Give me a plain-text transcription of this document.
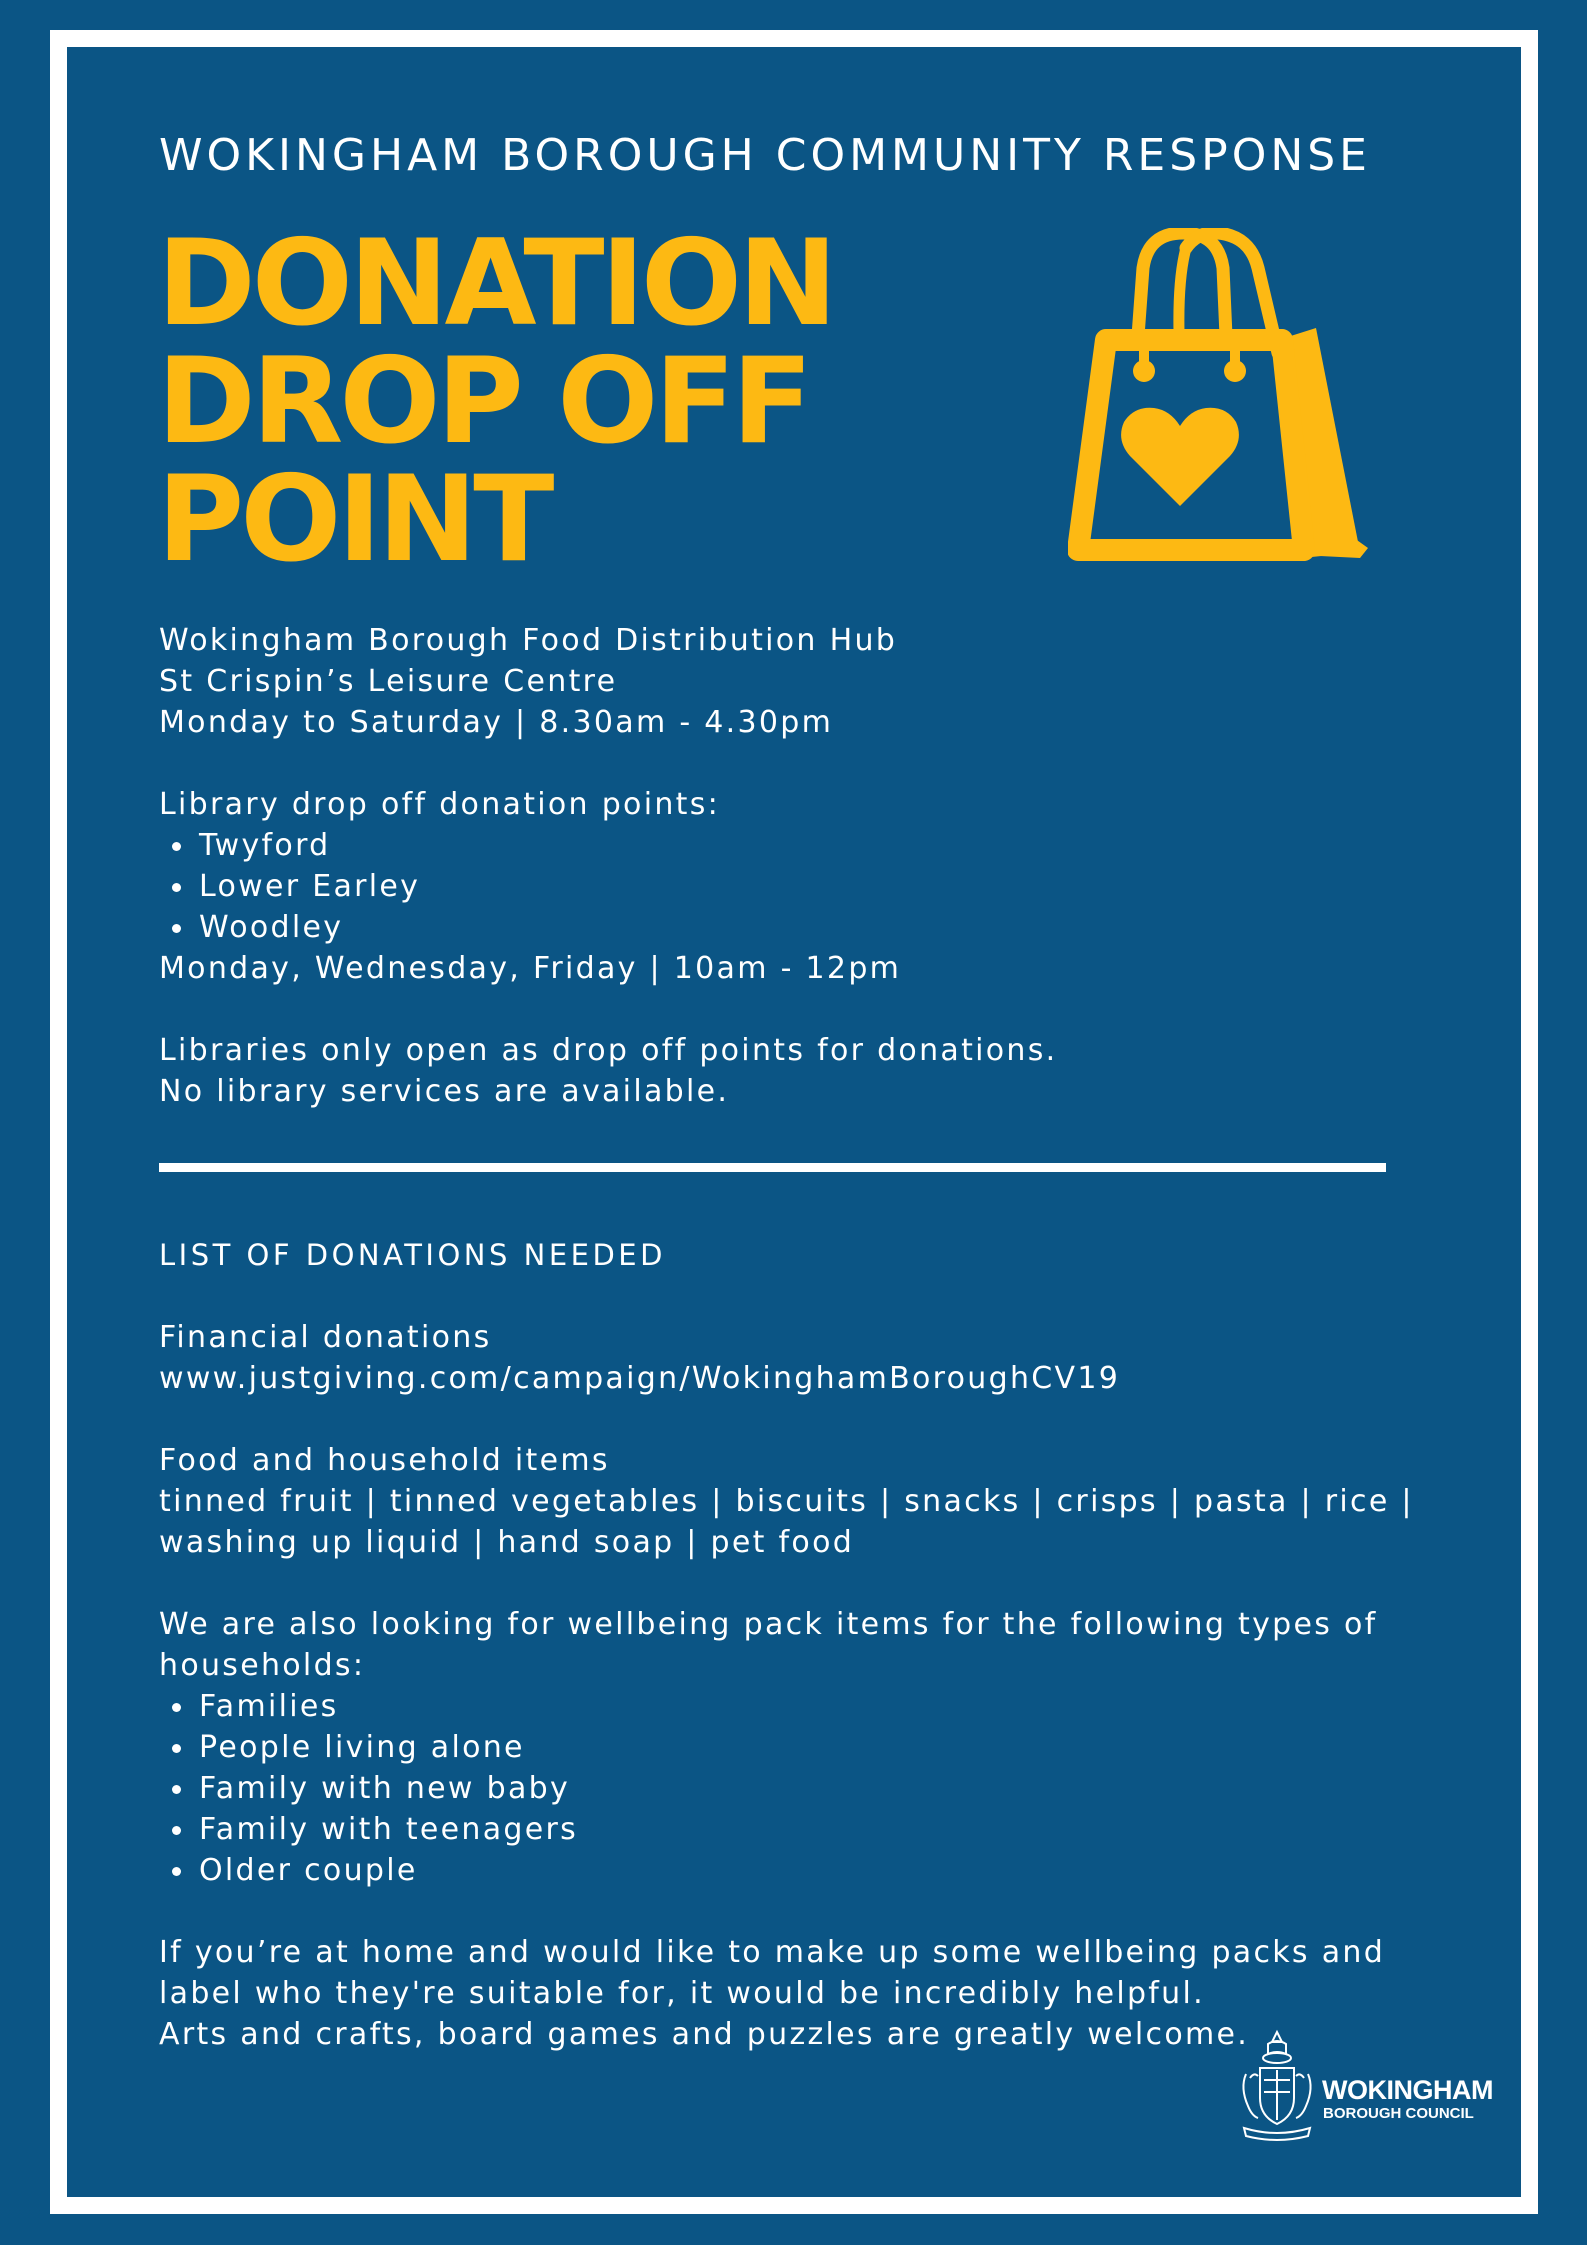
WOKINGHAM BOROUGH COMMUNITY RESPONSE
DONATION
DROP OFF
POINT

Wokingham Borough Food Distribution Hub

St Crispin’s Leisure Centre

Monday to Saturday | 8.30am - 4.30pm

Library drop off donation points:

Twyford
Lower Earley
Woodley

Monday, Wednesday, Friday | 10am - 12pm

Libraries only open as drop off points for donations.

No library services are available.

LIST OF DONATIONS NEEDED

Financial donations

www.justgiving.com/campaign/WokinghamBoroughCV19

Food and household items

tinned fruit | tinned vegetables | biscuits | snacks | crisps | pasta | rice |

washing up liquid | hand soap | pet food

We are also looking for wellbeing pack items for the following types of

households:

Families
People living alone
Family with new baby
Family with teenagers
Older couple

If you’re at home and would like to make up some wellbeing packs and

label who they're suitable for, it would be incredibly helpful.

Arts and crafts, board games and puzzles are greatly welcome.

WOKINGHAM
BOROUGH COUNCIL
